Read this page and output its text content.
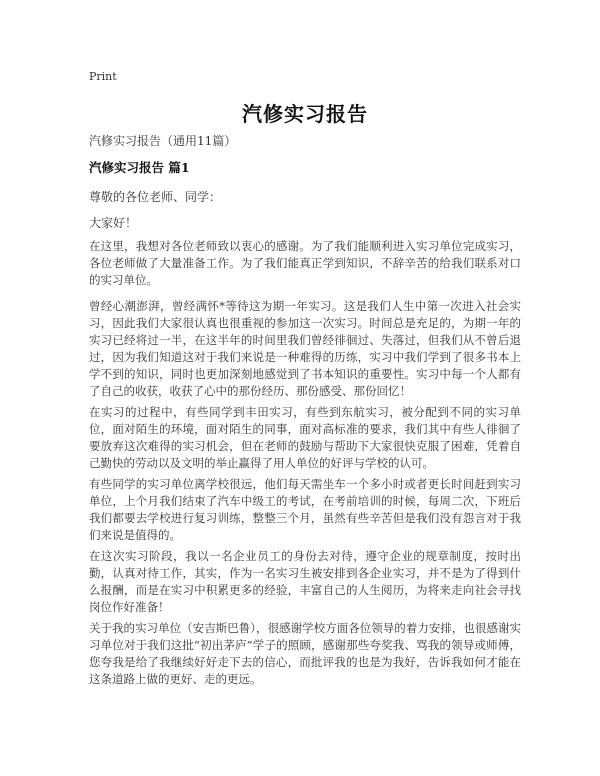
Print
汽修实习报告
汽修实习报告（通用11篇）
汽修实习报告 篇1
尊敬的各位老师、同学：
大家好！
在这里，我想对各位老师致以衷心的感谢。为了我们能顺利进入实习单位完成实习，各位老师做了大量准备工作。为了我们能真正学到知识，不辞辛苦的给我们联系对口的实习单位。
曾经心潮澎湃，曾经满怀*等待这为期一年实习。这是我们人生中第一次进入社会实习，因此我们大家很认真也很重视的参加这一次实习。时间总是充足的，为期一年的实习已经将过一半，在这半年的时间里我们曾经徘徊过、失落过，但我们从不曾后退过，因为我们知道这对于我们来说是一种难得的历练，实习中我们学到了很多书本上学不到的知识，同时也更加深刻地感觉到了书本知识的重要性。实习中每一个人都有了自己的收获，收获了心中的那份经历、那份感受、那份回忆！
在实习的过程中，有些同学到丰田实习，有些到东航实习，被分配到不同的实习单位，面对陌生的环境，面对陌生的同事，面对高标准的要求，我们其中有些人徘徊了要放弃这次难得的实习机会，但在老师的鼓励与帮助下大家很快克服了困难，凭着自己勤快的劳动以及文明的举止赢得了用人单位的好评与学校的认可。
有些同学的实习单位离学校很远，他们每天需坐车一个多小时或者更长时间赶到实习单位，上个月我们结束了汽车中级工的考试，在考前培训的时候，每周二次，下班后我们都要去学校进行复习训练，整整三个月，虽然有些辛苦但是我们没有怨言对于我们来说是值得的。
在这次实习阶段，我以一名企业员工的身份去对待，遵守企业的规章制度，按时出勤，认真对待工作，其实，作为一名实习生被安排到各企业实习，并不是为了得到什么报酬，而是在实习中积累更多的经验，丰富自己的人生阅历，为将来走向社会寻找岗位作好准备！
关于我的实习单位（安吉斯巴鲁），很感谢学校方面各位领导的着力安排，也很感谢实习单位对于我们这批“初出茅庐”学子的照顾，感谢那些夸奖我、骂我的领导或师傅，您夸我是给了我继续好好走下去的信心，而批评我的也是为我好，告诉我如何才能在这条道路上做的更好、走的更远。
